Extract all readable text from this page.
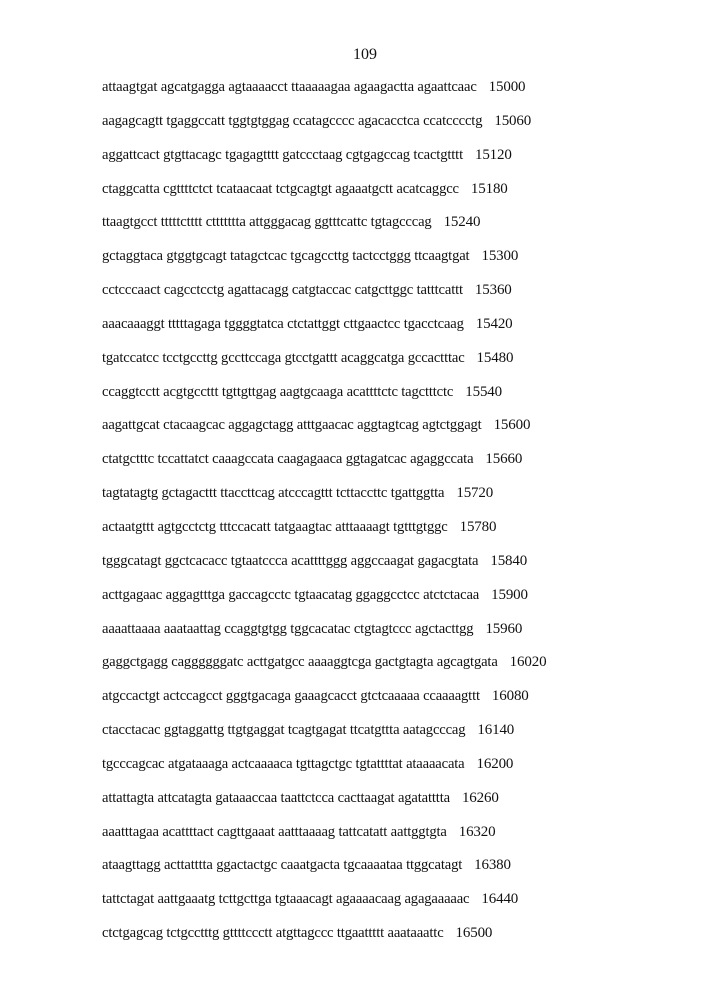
109
attaagtgat agcatgagga agtaaaacct ttaaaaagaa agaagactta agaattcaac 15000
aagagcagtt tgaggccatt tggtgtggag ccatagcccc agacacctca ccatcccctg 15060
aggattcact gtgttacagc tgagagtttt gatccctaag cgtgagccag tcactgtttt 15120
ctaggcatta cgttttctct tcataacaat tctgcagtgt agaaatgctt acatcaggcc 15180
ttaagtgcct tttttctttt cttttttta attgggacag ggtttcattc tgtagcccag 15240
gctaggtaca gtggtgcagt tatagctcac tgcagccttg tactcctggg ttcaagtgat 15300
cctcccaact cagcctcctg agattacagg catgtaccac catgcttggc tatttcattt 15360
aaacaaaggt tttttagaga tggggtatca ctctattggt cttgaactcc tgacctcaag 15420
tgatccatcc tcctgccttg gccttccaga gtcctgattt acaggcatga gccactttac 15480
ccaggtcctt acgtgccttt tgttgttgag aagtgcaaga acattttctc tagctttctc 15540
aagattgcat ctacaagcac aggagctagg atttgaacac aggtagtcag agtctggagt 15600
ctatgctttc tccattatct caaagccata caagagaaca ggtagatcac agaggccata 15660
tagtatagtg gctagacttt ttaccttcag atcccagttt tcttaccttc tgattggtta 15720
actaatgttt agtgcctctg tttccacatt tatgaagtac atttaaaagt tgtttgtggc 15780
tgggcatagt ggctcacacc tgtaatccca acattttggg aggccaagat gagacgtata 15840
acttgagaac aggagtttga gaccagcctc tgtaacatag ggaggcctcc atctctacaa 15900
aaaattaaaa aaataattag ccaggtgtgg tggcacatac ctgtagtccc agctacttgg 15960
gaggctgagg caggggggatc acttgatgcc aaaaggtcga gactgtagta agcagtgata 16020
atgccactgt actccagcct gggtgacaga gaaagcacct gtctcaaaaa ccaaaagttt 16080
ctacctacac ggtaggattg ttgtgaggat tcagtgagat ttcatgttta aatagcccag 16140
tgcccagcac atgataaaga actcaaaaca tgttagctgc tgtattttat ataaaacata 16200
attattagta attcatagta gataaaccaa taattctcca cacttaagat agatatttta 16260
aaatttagaa acattttact cagttgaaat aatttaaaag tattcatatt aattggtgta 16320
ataagttagg acttatttta ggactactgc caaatgacta tgcaaaataa ttggcatagt 16380
tattctagat aattgaaatg tcttgcttga tgtaaacagt agaaaacaag agagaaaaac 16440
ctctgagcag tctgcctttg gttttccctt atgttagccc ttgaattttt aaataaattc 16500
